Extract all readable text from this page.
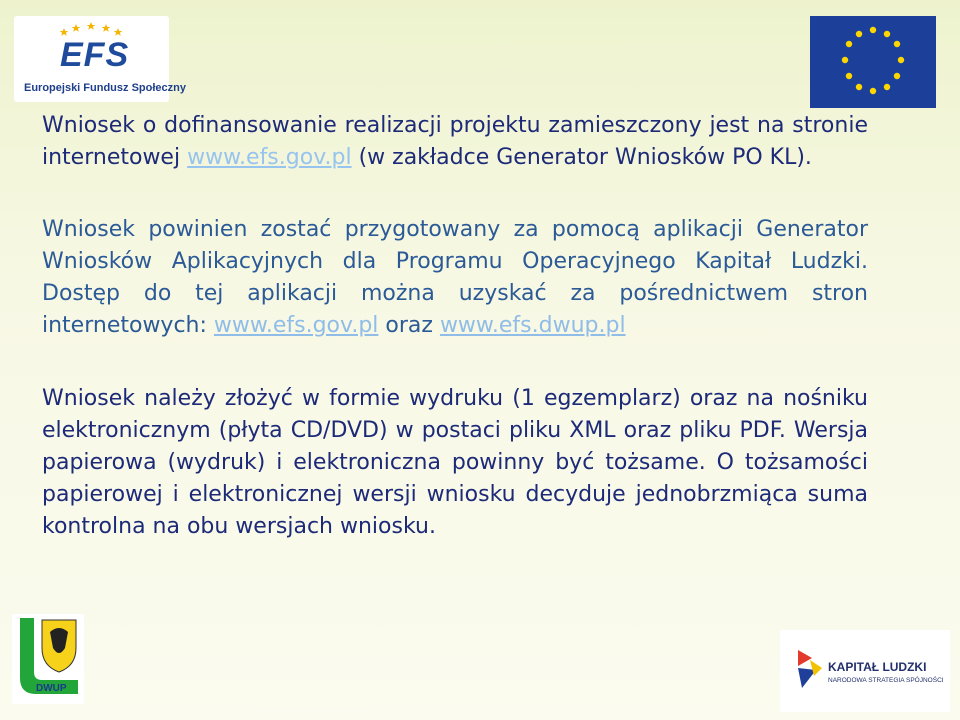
EFS
Europejski Fundusz Społeczny

Wniosek o dofinansowanie realizacji projektu zamieszczony jest na stronie internetowej www.efs.gov.pl (w zakładce Generator Wniosków PO KL).

Wniosek powinien zostać przygotowany za pomocą aplikacji Generator Wniosków Aplikacyjnych dla Programu Operacyjnego Kapitał Ludzki. Dostęp do tej aplikacji można uzyskać za pośrednictwem stron internetowych: www.efs.gov.pl oraz www.efs.dwup.pl

Wniosek należy złożyć w formie wydruku (1 egzemplarz) oraz na nośniku elektronicznym (płyta CD/DVD) w postaci pliku XML oraz pliku PDF. Wersja papierowa (wydruk) i elektroniczna powinny być tożsame. O tożsamości papierowej i elektronicznej wersji wniosku decyduje jednobrzmiąca suma kontrolna na obu wersjach wniosku.

DWUP
KAPITAŁ LUDZKI
NARODOWA STRATEGIA SPÓJNOŚCI
